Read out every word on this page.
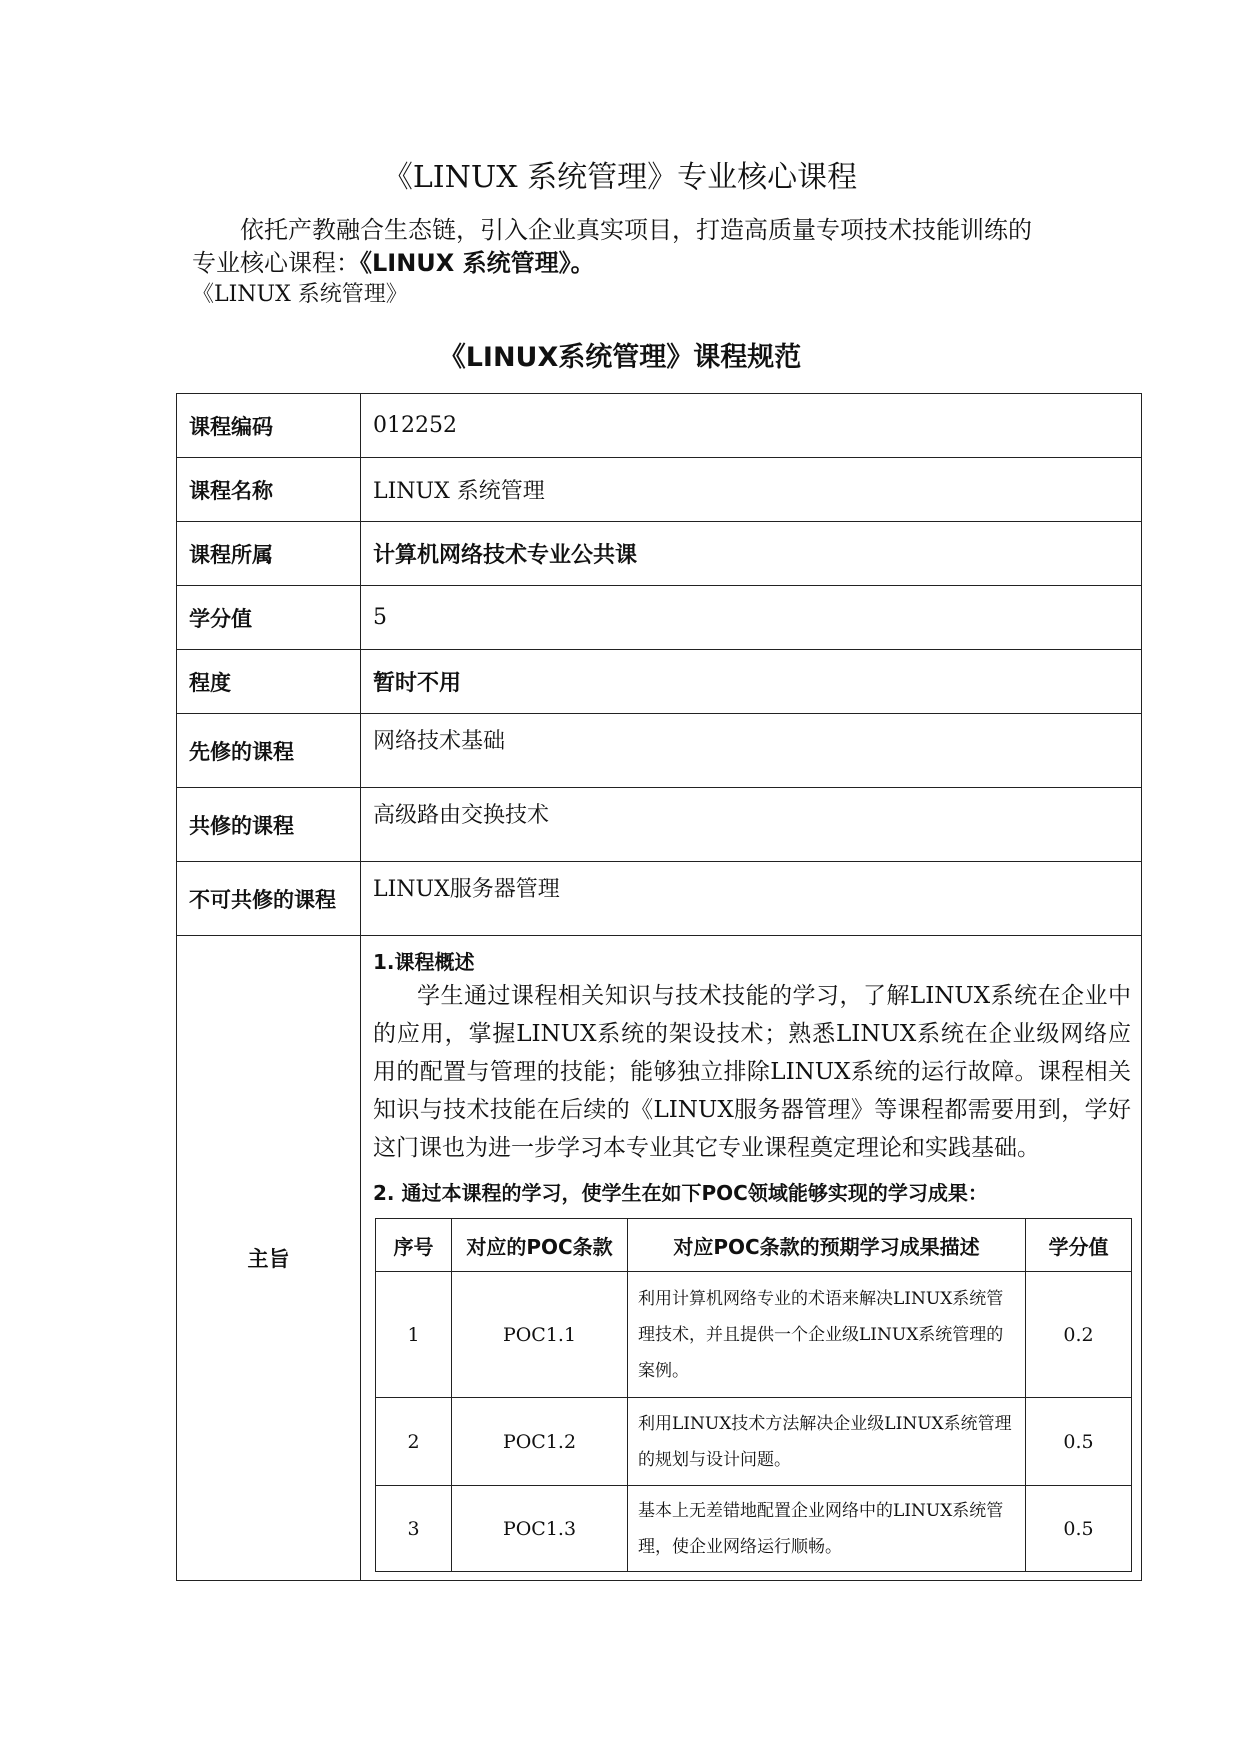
《LINUX 系统管理》专业核心课程

依托产教融合生态链，引入企业真实项目，打造高质量专项技术技能训练的

专业核心课程：《LINUX 系统管理》。

《LINUX 系统管理》

《LINUX系统管理》课程规范
课程编码	012252
课程名称	LINUX 系统管理
课程所属	计算机网络技术专业公共课
学分值	5
程度	暂时不用
先修的课程	网络技术基础
共修的课程	高级路由交换技术
不可共修的课程	LINUX服务器管理
主旨	

1.课程概述

学生通过课程相关知识与技术技能的学习，了解LINUX系统在企业中的应用，掌握LINUX系统的架设技术；熟悉LINUX系统在企业级网络应用的配置与管理的技能；能够独立排除LINUX系统的运行故障。课程相关知识与技术技能在后续的《LINUX服务器管理》等课程都需要用到，学好这门课也为进一步学习本专业其它专业课程奠定理论和实践基础。

2. 通过本课程的学习，使学生在如下POC领域能够实现的学习成果：

序号	对应的POC条款	对应POC条款的预期学习成果描述	学分值
1	POC1.1	利用计算机网络专业的术语来解决LINUX系统管理技术，并且提供一个企业级LINUX系统管理的案例。	0.2
2	POC1.2	利用LINUX技术方法解决企业级LINUX系统管理的规划与设计问题。	0.5
3	POC1.3	基本上无差错地配置企业网络中的LINUX系统管理，使企业网络运行顺畅。	0.5
